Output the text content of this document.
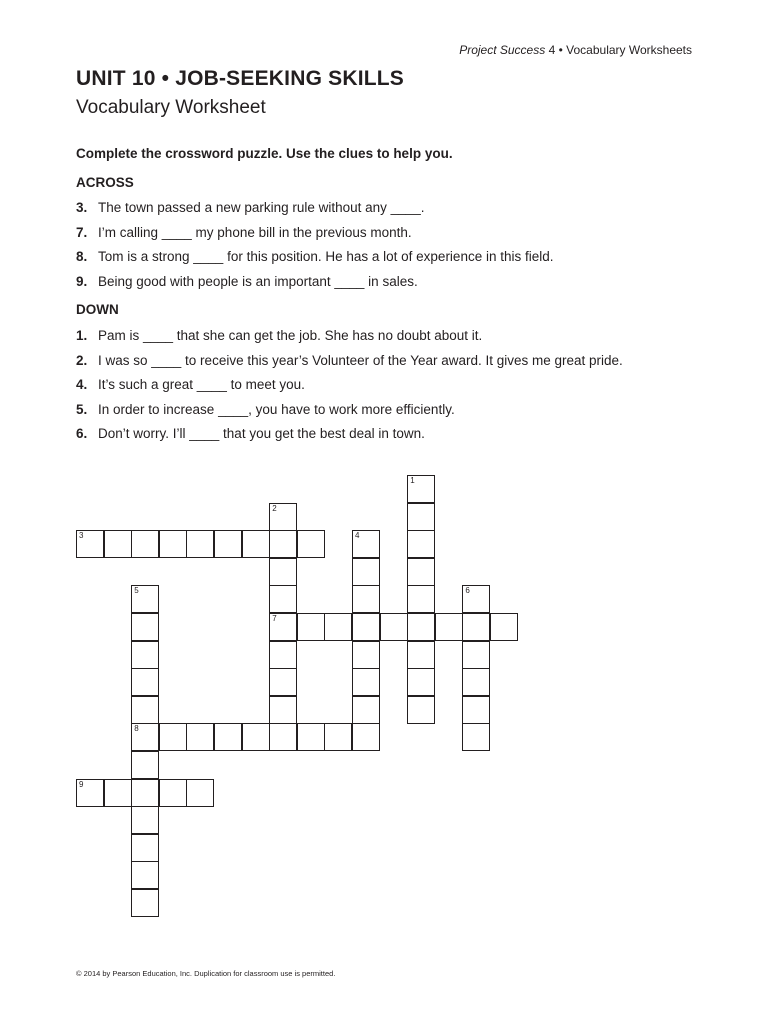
Project Success 4 • Vocabulary Worksheets
UNIT 10 • JOB-SEEKING SKILLS
Vocabulary Worksheet
Complete the crossword puzzle. Use the clues to help you.
ACROSS
3. The town passed a new parking rule without any ____.
7. I’m calling ____ my phone bill in the previous month.
8. Tom is a strong ____ for this position. He has a lot of experience in this field.
9. Being good with people is an important ____ in sales.
DOWN
1. Pam is ____ that she can get the job. She has no doubt about it.
2. I was so ____ to receive this year’s Volunteer of the Year award. It gives me great pride.
4. It’s such a great ____ to meet you.
5. In order to increase ____, you have to work more efficiently.
6. Don’t worry. I’ll ____ that you get the best deal in town.
1
2
7
3	4
5
8
6
9
© 2014 by Pearson Education, Inc. Duplication for classroom use is permitted.
